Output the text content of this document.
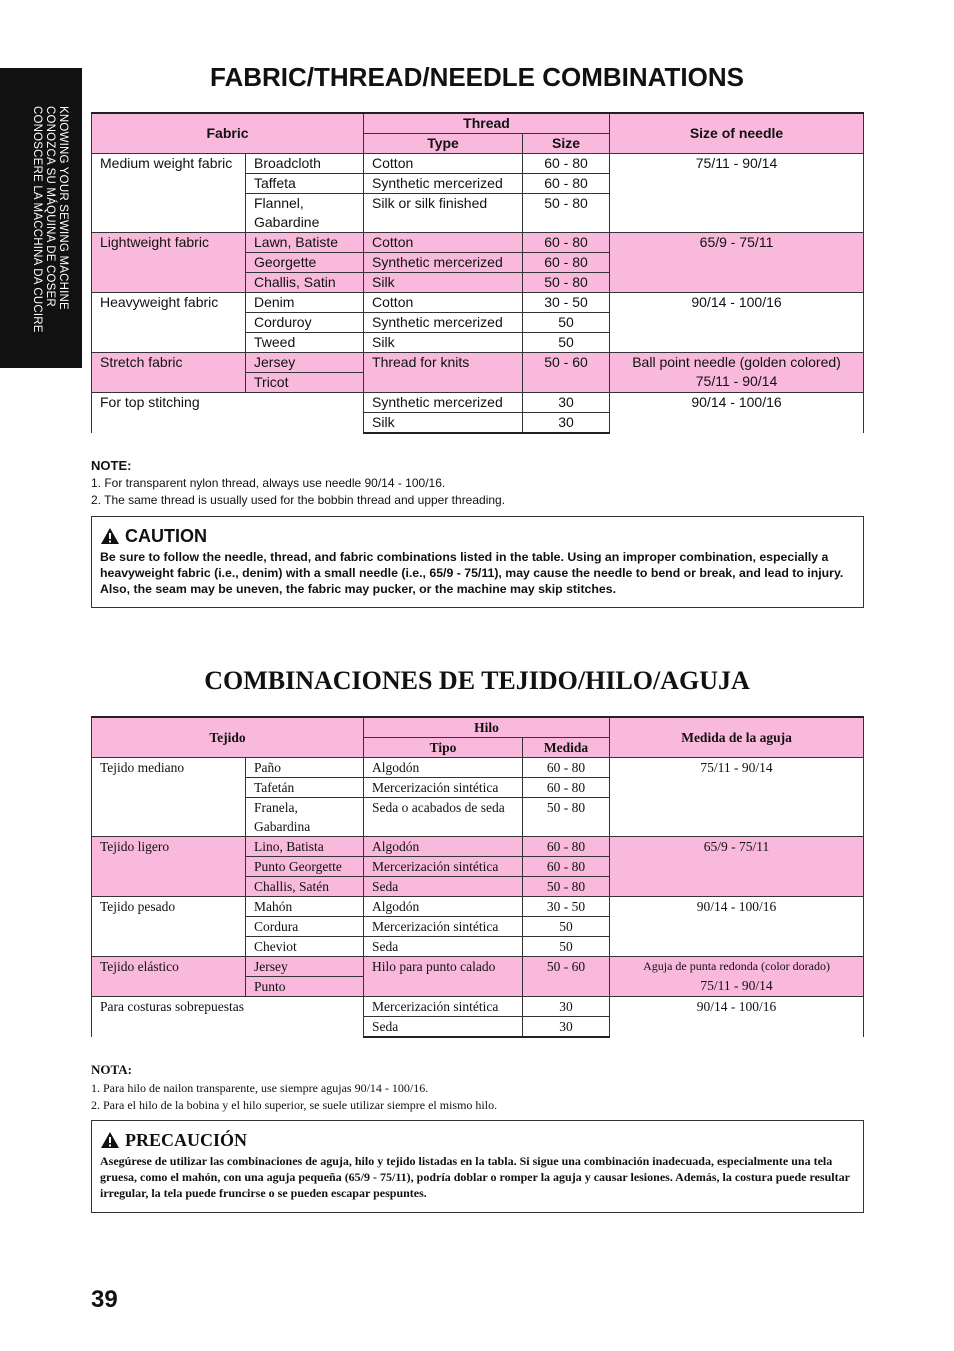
KNOWING YOUR SEWING MACHINE
CONOZCA SU MÁQUINA DE COSER
CONOSCERE LA MACCHINA DA CUCIRE
FABRIC/THREAD/NEEDLE COMBINATIONS
Fabric		Thread		Size of needle
		Type	Size	
Medium weight fabric	Broadcloth	Cotton	60 - 80	75/11 - 90/14
	Taffeta	Synthetic mercerized	60 - 80	
	Flannel,	Silk or silk finished	50 - 80	
	Gabardine			
Lightweight fabric	Lawn, Batiste	Cotton	60 - 80	65/9 - 75/11
	Georgette	Synthetic mercerized	60 - 80	
	Challis, Satin	Silk	50 - 80	
Heavyweight fabric	Denim	Cotton	30 - 50	90/14 - 100/16
	Corduroy	Synthetic mercerized	50	
	Tweed	Silk	50	
Stretch fabric	Jersey	Thread for knits	50 - 60	Ball point needle (golden colored)
75/11 - 90/14

	Tricot			

For top stitching		Synthetic mercerized	30	90/14 - 100/16
		Silk	30	
NOTE:
1. For transparent nylon thread, always use needle 90/14 - 100/16.
2. The same thread is usually used for the bobbin thread and upper threading.
CAUTION
Be sure to follow the needle, thread, and fabric combinations listed in the table. Using an improper combination, especially a heavyweight fabric (i.e., denim) with a small needle (i.e., 65/9 - 75/11), may cause the needle to bend or break, and lead to injury. Also, the seam may be uneven, the fabric may pucker, or the machine may skip stitches.
COMBINACIONES DE TEJIDO/HILO/AGUJA
Tejido		Hilo		Medida de la aguja
		Tipo	Medida	
Tejido mediano	Paño	Algodón	60 - 80	75/11 - 90/14
	Tafetán	Mercerización sintética	60 - 80	
	Franela,	Seda o acabados de seda	50 - 80	
	Gabardina			
Tejido ligero	Lino, Batista	Algodón	60 - 80	65/9 - 75/11
	Punto Georgette	Mercerización sintética	60 - 80	
	Challis, Satén	Seda	50 - 80	
Tejido pesado	Mahón	Algodón	30 - 50	90/14 - 100/16
	Cordura	Mercerización sintética	50	
	Cheviot	Seda	50	
Tejido elástico	Jersey	Hilo para punto calado	50 - 60	Aguja de punta redonda (color dorado)
75/11 - 90/14

	Punto			

Para costuras sobrepuestas		Mercerización sintética	30	90/14 - 100/16
		Seda	30	
NOTA:
1. Para hilo de nailon transparente, use siempre agujas 90/14 - 100/16.
2. Para el hilo de la bobina y el hilo superior, se suele utilizar siempre el mismo hilo.
PRECAUCIÓN
Asegúrese de utilizar las combinaciones de aguja, hilo y tejido listadas en la tabla. Si sigue una combinación inadecuada, especialmente una tela gruesa, como el mahón, con una aguja pequeña (65/9 - 75/11), podría doblar o romper la aguja y causar lesiones. Además, la costura puede resultar irregular, la tela puede fruncirse o se pueden escapar pespuntes.
39
